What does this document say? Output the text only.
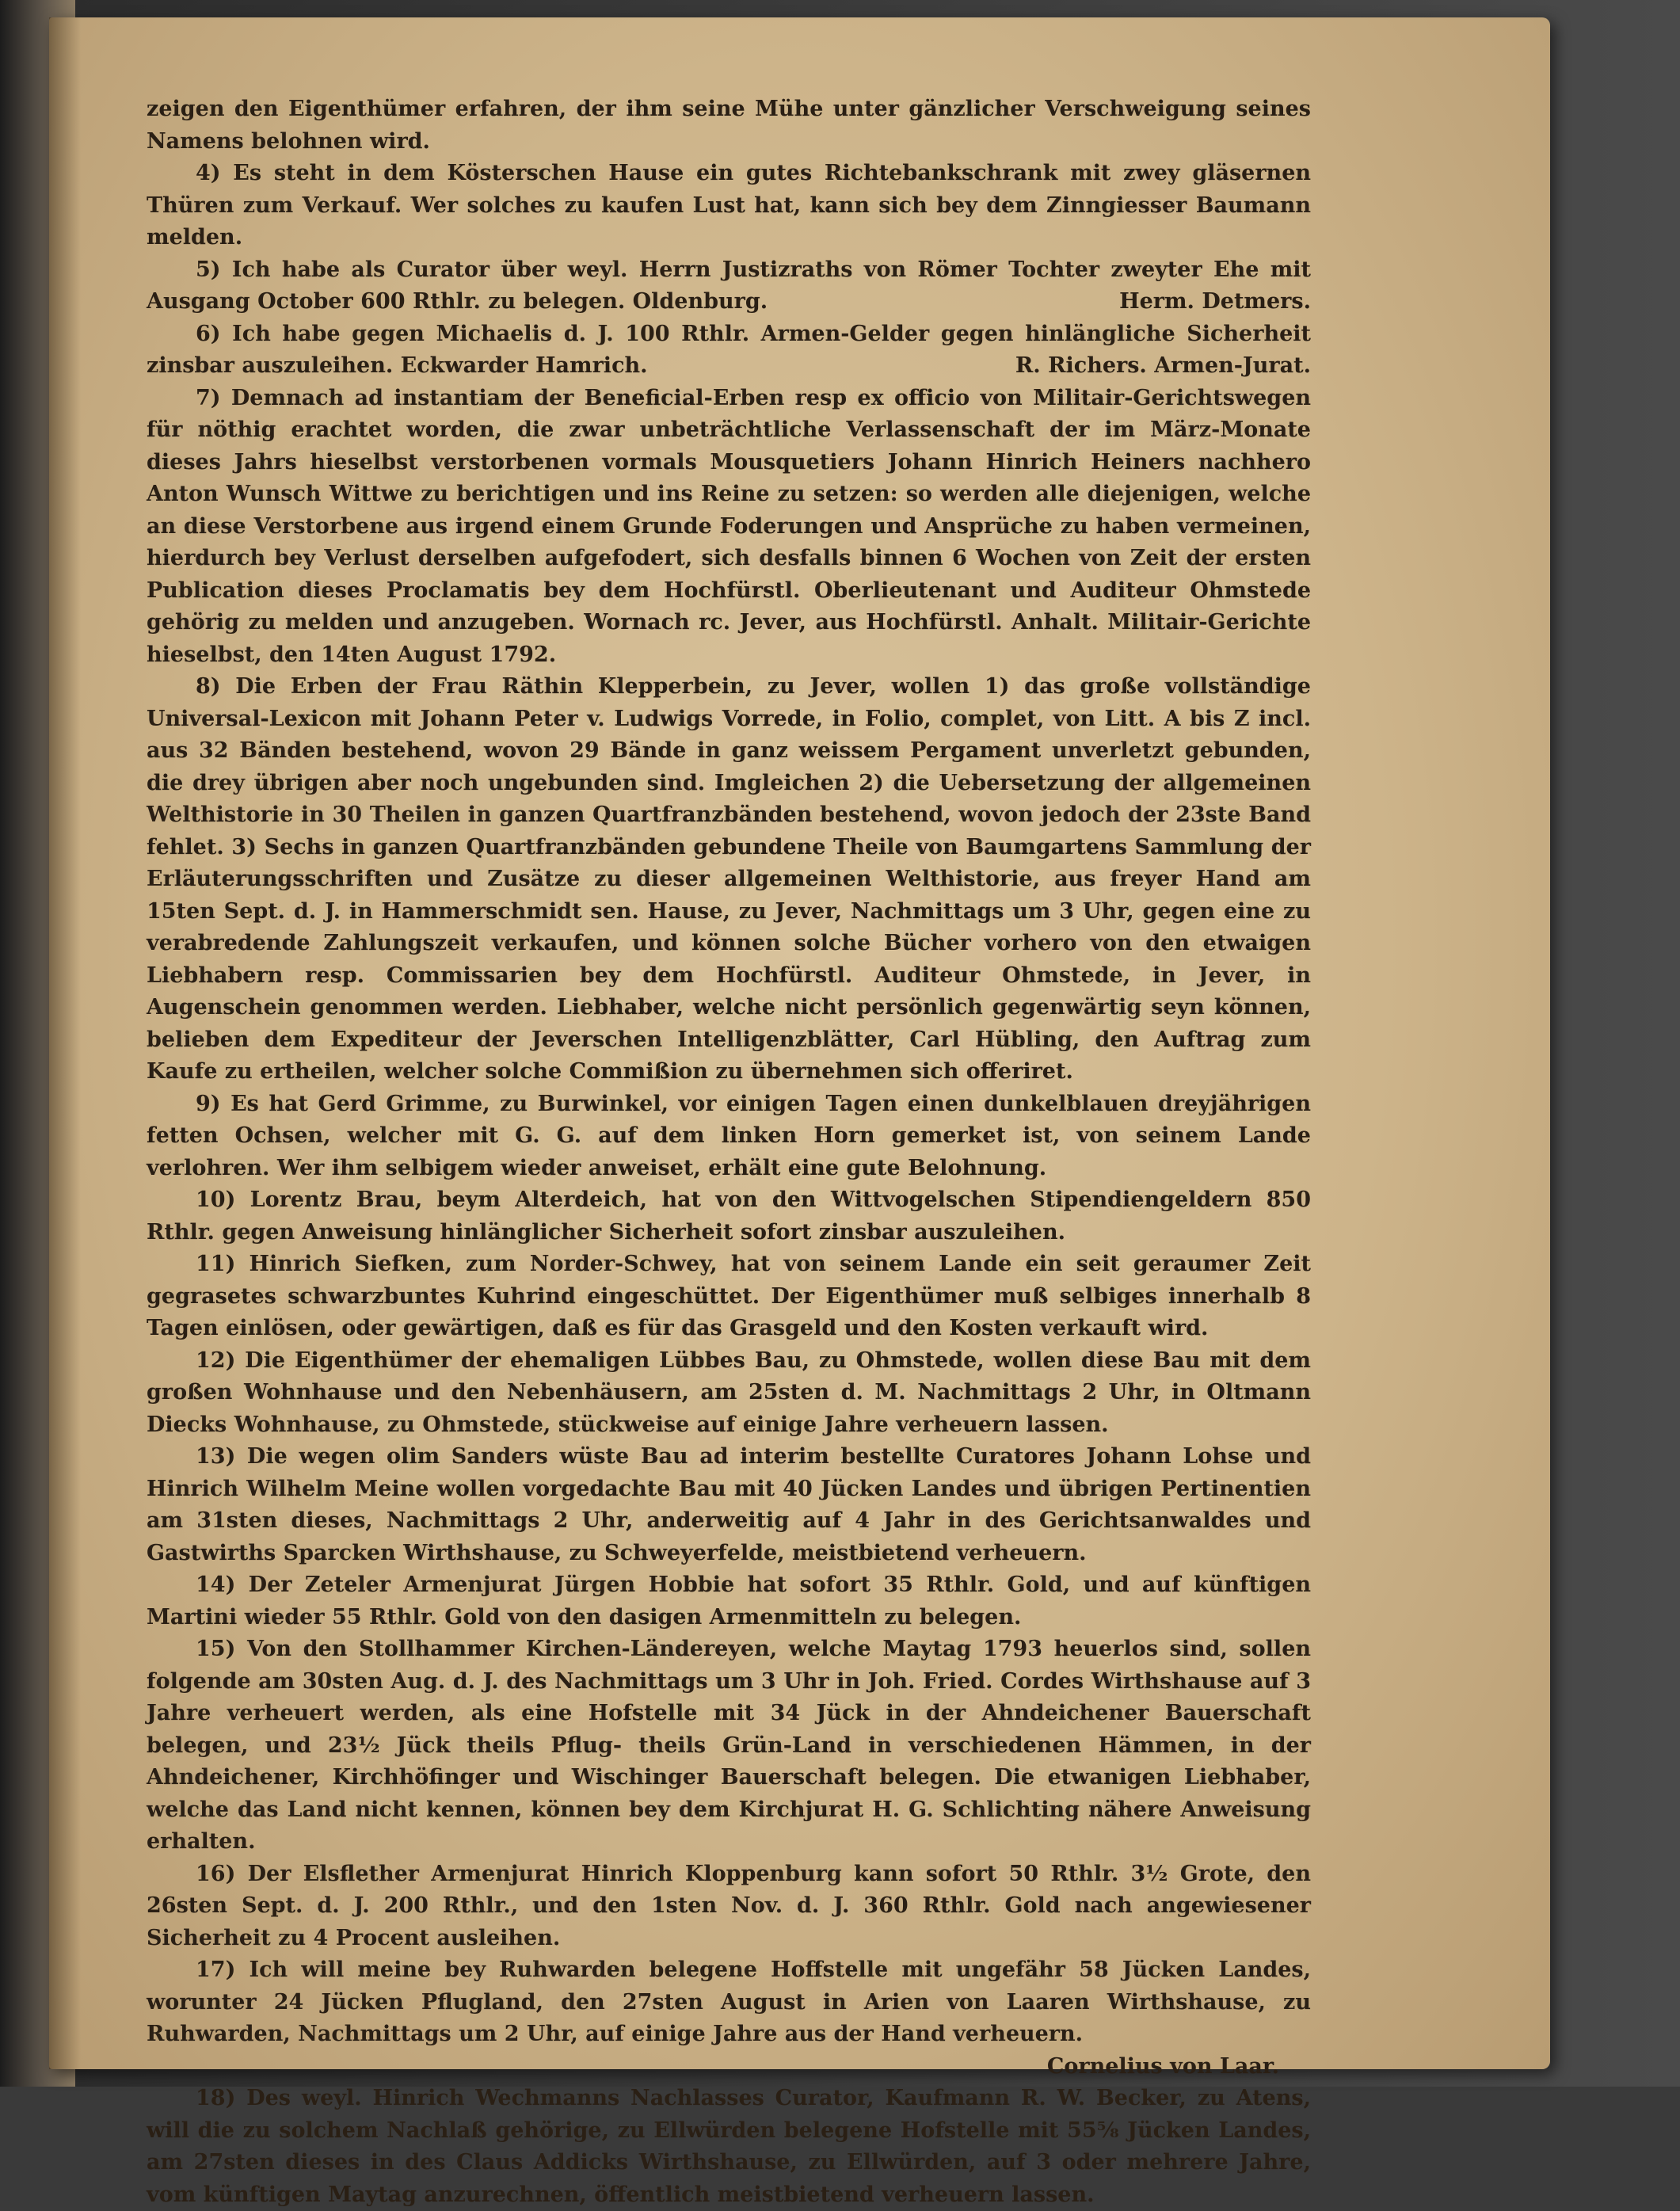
zeigen den Eigenthümer erfahren, der ihm seine Mühe unter gänzlicher Verschweigung seines Namens belohnen wird.

4) Es steht in dem Kösterschen Hause ein gutes Richtebankschrank mit zwey gläsernen Thüren zum Verkauf. Wer solches zu kaufen Lust hat, kann sich bey dem Zinngiesser Baumann melden.

5) Ich habe als Curator über weyl. Herrn Justizraths von Römer Tochter zweyter Ehe mit Ausgang October 600 Rthlr. zu belegen. Oldenburg.	Herm. Detmers.

6) Ich habe gegen Michaelis d. J. 100 Rthlr. Armen-Gelder gegen hinlängliche Sicherheit zinsbar auszuleihen. Eckwarder Hamrich.	R. Richers. Armen-Jurat.

7) Demnach ad instantiam der Beneficial-Erben resp ex officio von Militair-Gerichtswegen für nöthig erachtet worden, die zwar unbeträchtliche Verlassenschaft der im März-Monate dieses Jahrs hieselbst verstorbenen vormals Mousquetiers Johann Hinrich Heiners nachhero Anton Wunsch Wittwe zu berichtigen und ins Reine zu setzen: so werden alle diejenigen, welche an diese Verstorbene aus irgend einem Grunde Foderungen und Ansprüche zu haben vermeinen, hierdurch bey Verlust derselben aufgefodert, sich desfalls binnen 6 Wochen von Zeit der ersten Publication dieses Proclamatis bey dem Hochfürstl. Oberlieutenant und Auditeur Ohmstede gehörig zu melden und anzugeben. Wornach rc. Jever, aus Hochfürstl. Anhalt. Militair-Gerichte hieselbst, den 14ten August 1792.

8) Die Erben der Frau Räthin Klepperbein, zu Jever, wollen 1) das große vollständige Universal-Lexicon mit Johann Peter v. Ludwigs Vorrede, in Folio, complet, von Litt. A bis Z incl. aus 32 Bänden bestehend, wovon 29 Bände in ganz weissem Pergament unverletzt gebunden, die drey übrigen aber noch ungebunden sind. Imgleichen 2) die Uebersetzung der allgemeinen Welthistorie in 30 Theilen in ganzen Quartfranzbänden bestehend, wovon jedoch der 23ste Band fehlet. 3) Sechs in ganzen Quartfranzbänden gebundene Theile von Baumgartens Sammlung der Erläuterungsschriften und Zusätze zu dieser allgemeinen Welthistorie, aus freyer Hand am 15ten Sept. d. J. in Hammerschmidt sen. Hause, zu Jever, Nachmittags um 3 Uhr, gegen eine zu verabredende Zahlungszeit verkaufen, und können solche Bücher vorhero von den etwaigen Liebhabern resp. Commissarien bey dem Hochfürstl. Auditeur Ohmstede, in Jever, in Augenschein genommen werden. Liebhaber, welche nicht persönlich gegenwärtig seyn können, belieben dem Expediteur der Jeverschen Intelligenzblätter, Carl Hübling, den Auftrag zum Kaufe zu ertheilen, welcher solche Commißion zu übernehmen sich offeriret.

9) Es hat Gerd Grimme, zu Burwinkel, vor einigen Tagen einen dunkelblauen dreyjährigen fetten Ochsen, welcher mit G. G. auf dem linken Horn gemerket ist, von seinem Lande verlohren. Wer ihm selbigem wieder anweiset, erhält eine gute Belohnung.

10) Lorentz Brau, beym Alterdeich, hat von den Wittvogelschen Stipendiengeldern 850 Rthlr. gegen Anweisung hinlänglicher Sicherheit sofort zinsbar auszuleihen.

11) Hinrich Siefken, zum Norder-Schwey, hat von seinem Lande ein seit geraumer Zeit gegrasetes schwarzbuntes Kuhrind eingeschüttet. Der Eigenthümer muß selbiges innerhalb 8 Tagen einlösen, oder gewärtigen, daß es für das Grasgeld und den Kosten verkauft wird.

12) Die Eigenthümer der ehemaligen Lübbes Bau, zu Ohmstede, wollen diese Bau mit dem großen Wohnhause und den Nebenhäusern, am 25sten d. M. Nachmittags 2 Uhr, in Oltmann Diecks Wohnhause, zu Ohmstede, stückweise auf einige Jahre verheuern lassen.

13) Die wegen olim Sanders wüste Bau ad interim bestellte Curatores Johann Lohse und Hinrich Wilhelm Meine wollen vorgedachte Bau mit 40 Jücken Landes und übrigen Pertinentien am 31sten dieses, Nachmittags 2 Uhr, anderweitig auf 4 Jahr in des Gerichtsanwaldes und Gastwirths Sparcken Wirthshause, zu Schweyerfelde, meistbietend verheuern.

14) Der Zeteler Armenjurat Jürgen Hobbie hat sofort 35 Rthlr. Gold, und auf künftigen Martini wieder 55 Rthlr. Gold von den dasigen Armenmitteln zu belegen.

15) Von den Stollhammer Kirchen-Ländereyen, welche Maytag 1793 heuerlos sind, sollen folgende am 30sten Aug. d. J. des Nachmittags um 3 Uhr in Joh. Fried. Cordes Wirthshause auf 3 Jahre verheuert werden, als eine Hofstelle mit 34 Jück in der Ahndeichener Bauerschaft belegen, und 23½ Jück theils Pflug- theils Grün-Land in verschiedenen Hämmen, in der Ahndeichener, Kirchhöfinger und Wischinger Bauerschaft belegen. Die etwanigen Liebhaber, welche das Land nicht kennen, können bey dem Kirchjurat H. G. Schlichting nähere Anweisung erhalten.

16) Der Elsflether Armenjurat Hinrich Kloppenburg kann sofort 50 Rthlr. 3½ Grote, den 26sten Sept. d. J. 200 Rthlr., und den 1sten Nov. d. J. 360 Rthlr. Gold nach angewiesener Sicherheit zu 4 Procent ausleihen.

17) Ich will meine bey Ruhwarden belegene Hoffstelle mit ungefähr 58 Jücken Landes, worunter 24 Jücken Pflugland, den 27sten August in Arien von Laaren Wirthshause, zu Ruhwarden, Nachmittags um 2 Uhr, auf einige Jahre aus der Hand verheuern.

Cornelius von Laar.

18) Des weyl. Hinrich Wechmanns Nachlasses Curator, Kaufmann R. W. Becker, zu Atens, will die zu solchem Nachlaß gehörige, zu Ellwürden belegene Hofstelle mit 55⅝ Jücken Landes, am 27sten dieses in des Claus Addicks Wirthshause, zu Ellwürden, auf 3 oder mehrere Jahre, vom künftigen Maytag anzurechnen, öffentlich meistbietend verheuern lassen.
